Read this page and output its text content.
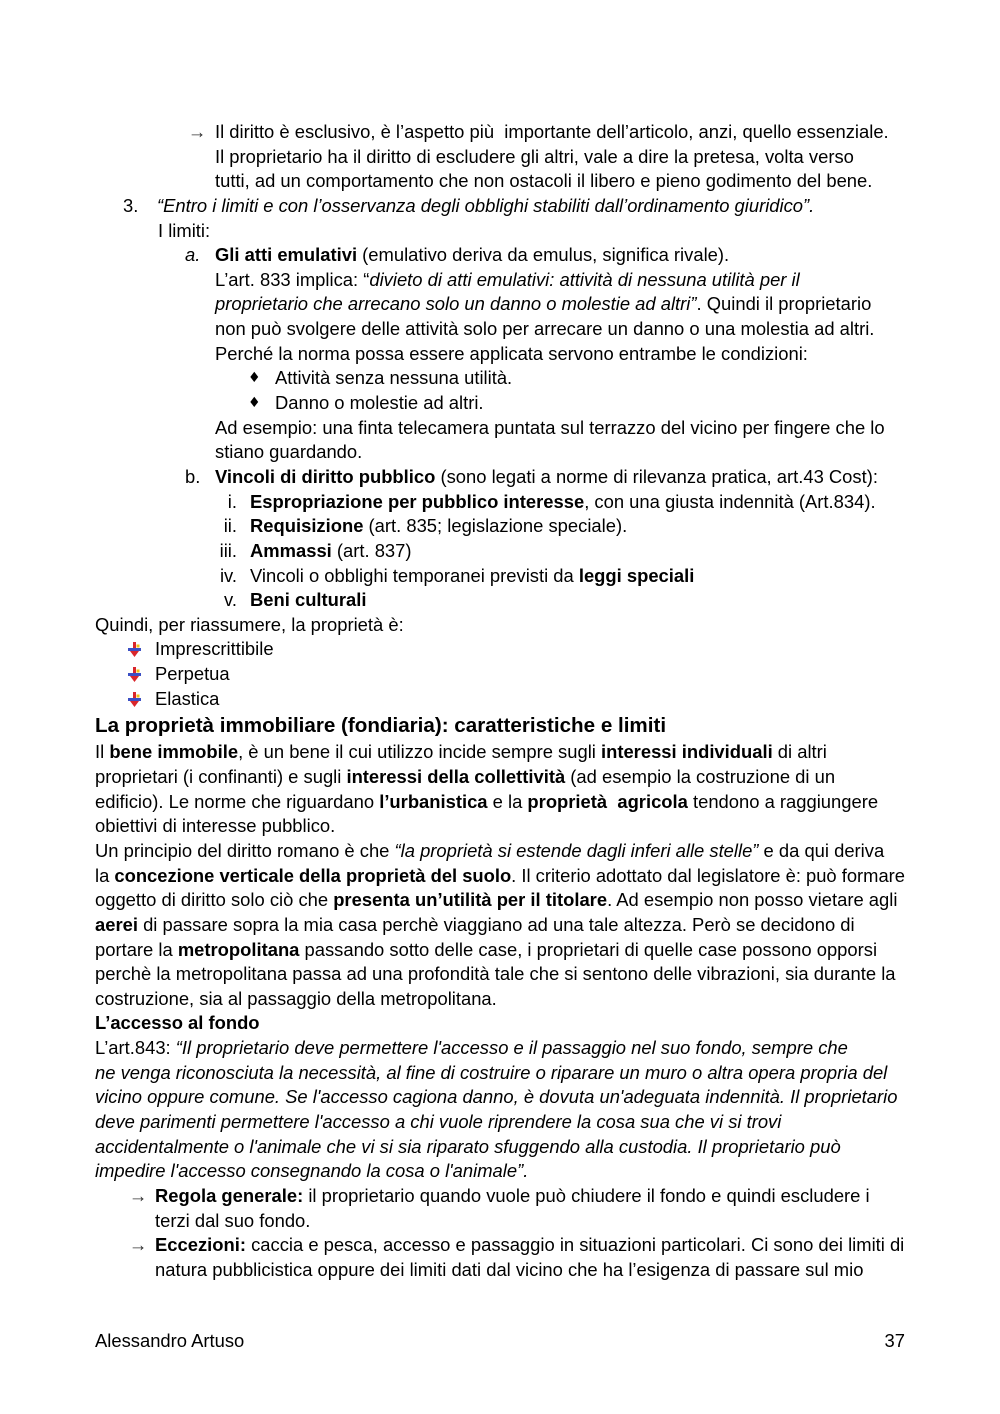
→ Il diritto è esclusivo, è l’aspetto più  importante dell’articolo, anzi, quello essenziale.
Il proprietario ha il diritto di escludere gli altri, vale a dire la pretesa, volta verso
tutti, ad un comportamento che non ostacoli il libero e pieno godimento del bene.
3. “Entro i limiti e con l’osservanza degli obblighi stabiliti dall’ordinamento giuridico”.
I limiti:
a. Gli atti emulativi (emulativo deriva da emulus, significa rivale).
L’art. 833 implica: “divieto di atti emulativi: attività di nessuna utilità per il
proprietario che arrecano solo un danno o molestie ad altri”. Quindi il proprietario
non può svolgere delle attività solo per arrecare un danno o una molestia ad altri.
Perché la norma possa essere applicata servono entrambe le condizioni:
♦ Attività senza nessuna utilità.
♦ Danno o molestie ad altri.
Ad esempio: una finta telecamera puntata sul terrazzo del vicino per fingere che lo
stiano guardando.
b. Vincoli di diritto pubblico (sono legati a norme di rilevanza pratica, art.43 Cost):
i. Espropriazione per pubblico interesse, con una giusta indennità (Art.834).
ii. Requisizione (art. 835; legislazione speciale).
iii. Ammassi (art. 837)
iv. Vincoli o obblighi temporanei previsti da leggi speciali
v. Beni culturali
Quindi, per riassumere, la proprietà è:
Imprescrittibile
Perpetua
Elastica
La proprietà immobiliare (fondiaria): caratteristiche e limiti
Il bene immobile, è un bene il cui utilizzo incide sempre sugli interessi individuali di altri
proprietari (i confinanti) e sugli interessi della collettività (ad esempio la costruzione di un
edificio). Le norme che riguardano l’urbanistica e la proprietà  agricola tendono a raggiungere
obiettivi di interesse pubblico.
Un principio del diritto romano è che “la proprietà si estende dagli inferi alle stelle” e da qui deriva
la concezione verticale della proprietà del suolo. Il criterio adottato dal legislatore è: può formare
oggetto di diritto solo ciò che presenta un’utilità per il titolare. Ad esempio non posso vietare agli
aerei di passare sopra la mia casa perchè viaggiano ad una tale altezza. Però se decidono di
portare la metropolitana passando sotto delle case, i proprietari di quelle case possono opporsi
perchè la metropolitana passa ad una profondità tale che si sentono delle vibrazioni, sia durante la
costruzione, sia al passaggio della metropolitana.
L’accesso al fondo
L’art.843: “Il proprietario deve permettere l'accesso e il passaggio nel suo fondo, sempre che
ne venga riconosciuta la necessità, al fine di costruire o riparare un muro o altra opera propria del
vicino oppure comune. Se l'accesso cagiona danno, è dovuta un'adeguata indennità. Il proprietario
deve parimenti permettere l'accesso a chi vuole riprendere la cosa sua che vi si trovi
accidentalmente o l'animale che vi si sia riparato sfuggendo alla custodia. Il proprietario può
impedire l'accesso consegnando la cosa o l'animale”.
→ Regola generale: il proprietario quando vuole può chiudere il fondo e quindi escludere i
terzi dal suo fondo.
→ Eccezioni: caccia e pesca, accesso e passaggio in situazioni particolari. Ci sono dei limiti di
natura pubblicistica oppure dei limiti dati dal vicino che ha l’esigenza di passare sul mio
Alessandro Artuso	37
